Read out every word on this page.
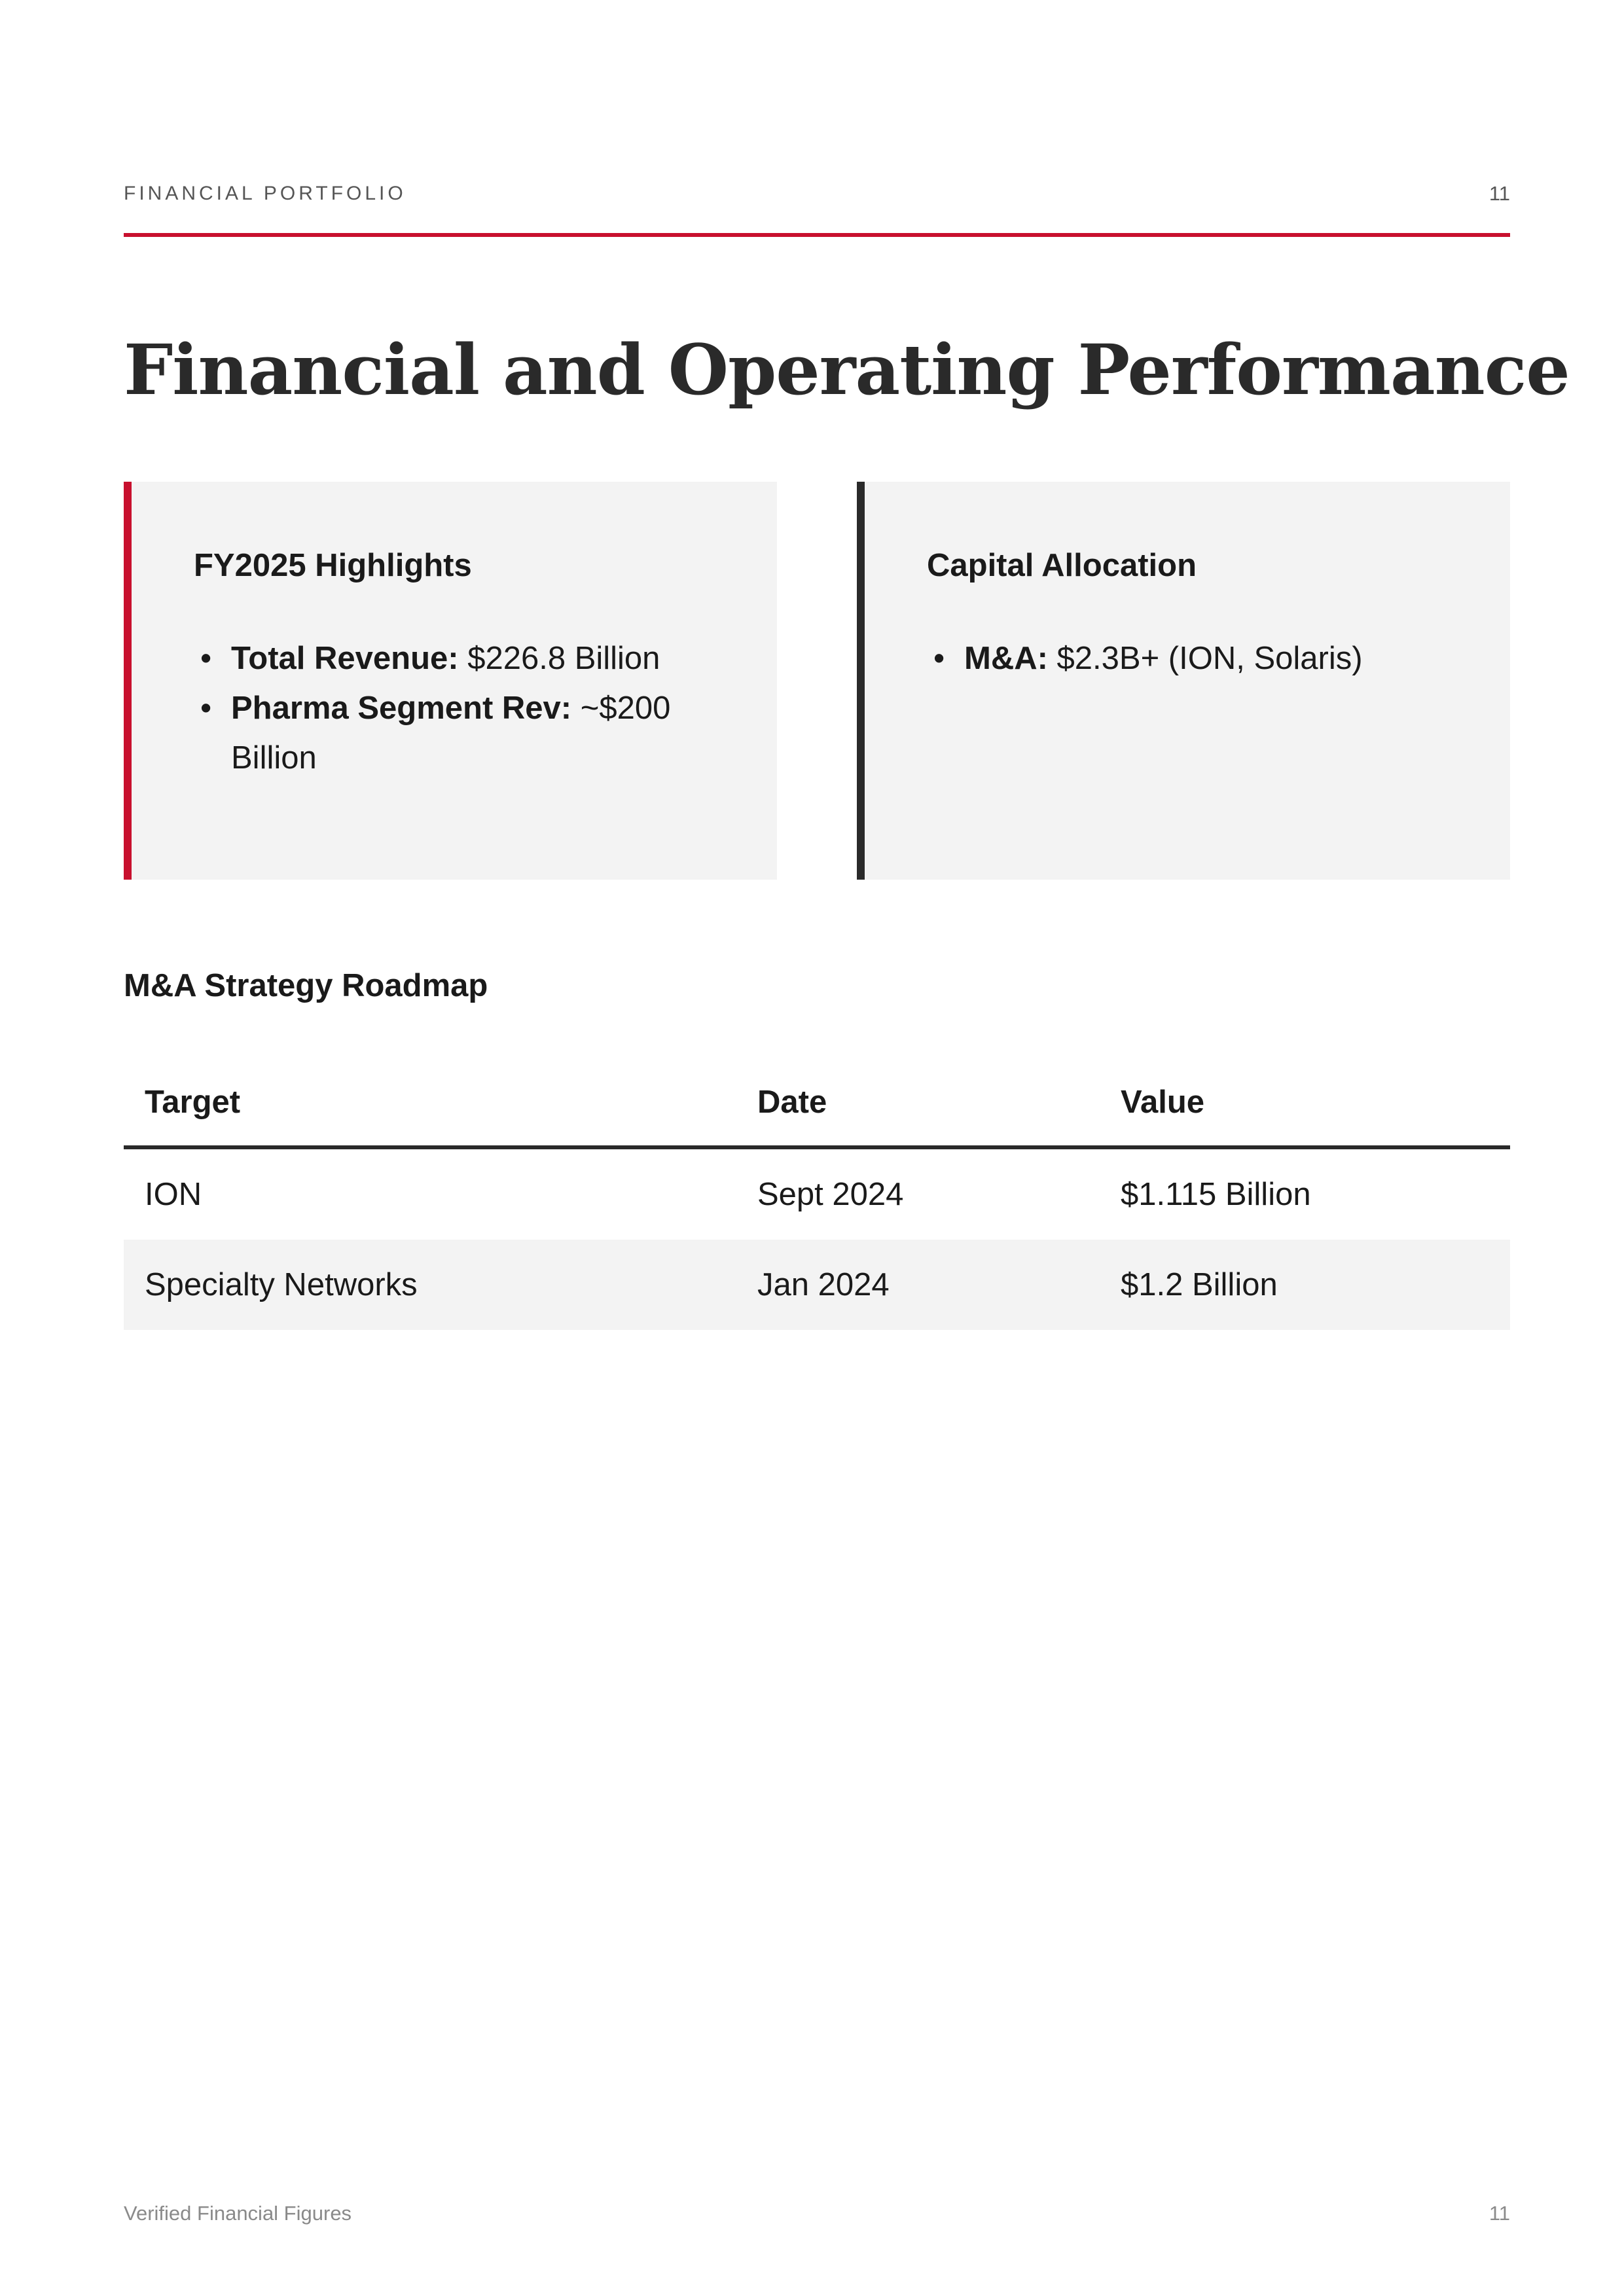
FINANCIAL PORTFOLIO	11
Financial and Operating Performance
FY2025 Highlights
• Total Revenue: $226.8 Billion
• Pharma Segment Rev: ~$200 Billion
Capital Allocation
• M&A: $2.3B+ (ION, Solaris)
M&A Strategy Roadmap
Target	Date	Value
ION	Sept 2024	$1.115 Billion
Specialty Networks	Jan 2024	$1.2 Billion
Verified Financial Figures	11
